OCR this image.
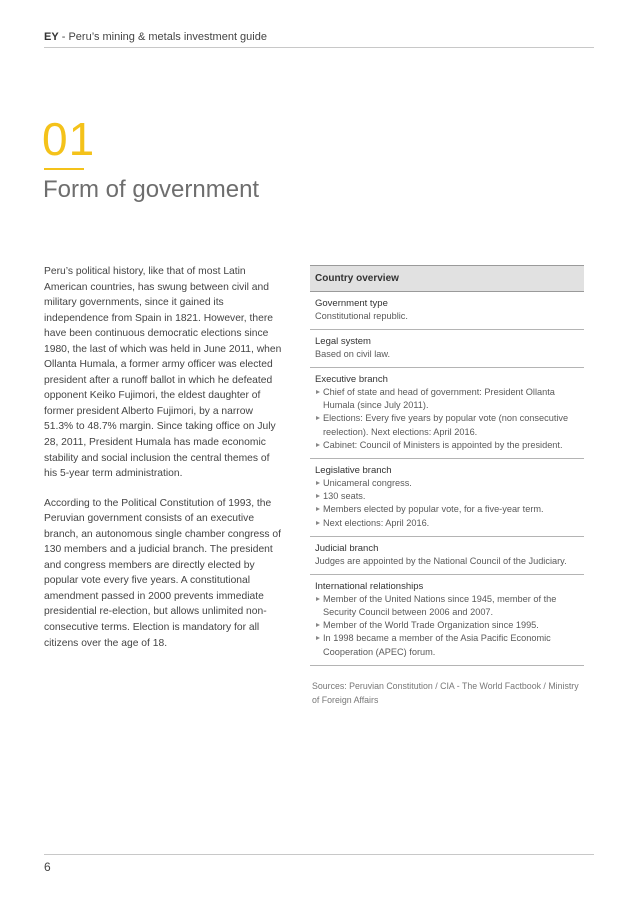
EY - Peru’s mining & metals investment guide
01
Form of government

Peru’s political history, like that of most Latin American countries, has swung between civil and military governments, since it gained its independence from Spain in 1821. However, there have been continuous democratic elections since 1980, the last of which was held in June 2011, when Ollanta Humala, a former army officer was elected president after a runoff ballot in which he defeated opponent Keiko Fujimori, the eldest daughter of former president Alberto Fujimori, by a narrow 51.3% to 48.7% margin. Since taking office on July 28, 2011, President Humala has made economic stability and social inclusion the central themes of his 5-year term administration.

According to the Political Constitution of 1993, the Peruvian government consists of an executive branch, an autonomous single chamber congress of 130 members and a judicial branch. The president and congress members are directly elected by popular vote every five years. A constitutional amendment passed in 2000 prevents immediate presidential re-election, but allows unlimited non-consecutive terms. Election is mandatory for all citizens over the age of 18.

Country overview
Government type
Constitutional republic.
Legal system
Based on civil law.
Executive branch
Chief of state and head of government: President Ollanta Humala (since July 2011).
Elections: Every five years by popular vote (non consecutive reelection). Next elections: April 2016.
Cabinet: Council of Ministers is appointed by the president.
Legislative branch
Unicameral congress.
130 seats.
Members elected by popular vote, for a five-year term.
Next elections: April 2016.
Judicial branch
Judges are appointed by the National Council of the Judiciary.
International relationships
Member of the United Nations since 1945, member of the Security Council between 2006 and 2007.
Member of the World Trade Organization since 1995.
In 1998 became a member of the Asia Pacific Economic Cooperation (APEC) forum.
Sources: Peruvian Constitution / CIA - The World Factbook / Ministry of Foreign Affairs
6
